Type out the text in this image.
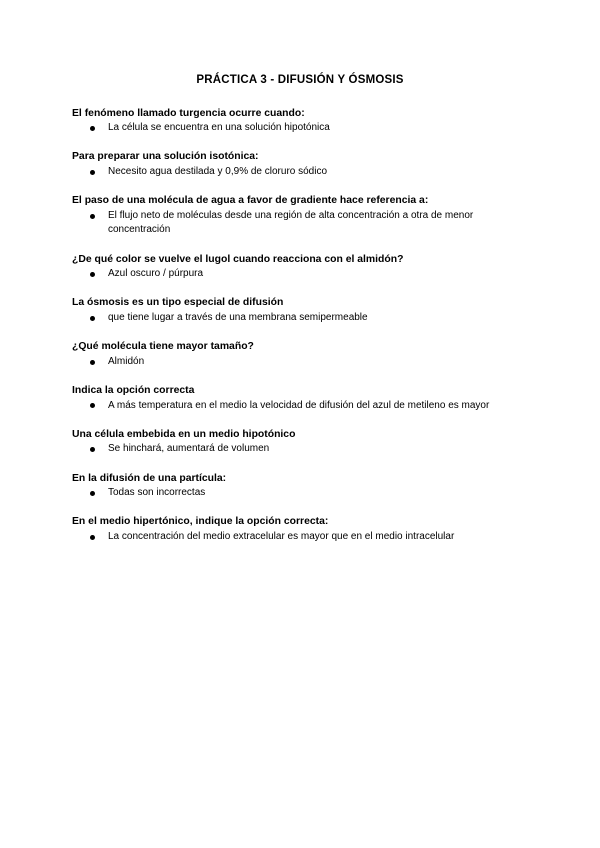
PRÁCTICA 3 - DIFUSIÓN Y ÓSMOSIS

El fenómeno llamado turgencia ocurre cuando:

La célula se encuentra en una solución hipotónica

Para preparar una solución isotónica:

Necesito agua destilada y 0,9% de cloruro sódico

El paso de una molécula de agua a favor de gradiente hace referencia a:

El flujo neto de moléculas desde una región de alta concentración a otra de menor concentración

¿De qué color se vuelve el lugol cuando reacciona con el almidón?

Azul oscuro / púrpura

La ósmosis es un tipo especial de difusión

que tiene lugar a través de una membrana semipermeable

¿Qué molécula tiene mayor tamaño?

Almidón

Indica la opción correcta

A más temperatura en el medio la velocidad de difusión del azul de metileno es mayor

Una célula embebida en un medio hipotónico

Se hinchará, aumentará de volumen

En la difusión de una partícula:

Todas son incorrectas

En el medio hipertónico, indique la opción correcta:

La concentración del medio extracelular es mayor que en el medio intracelular
